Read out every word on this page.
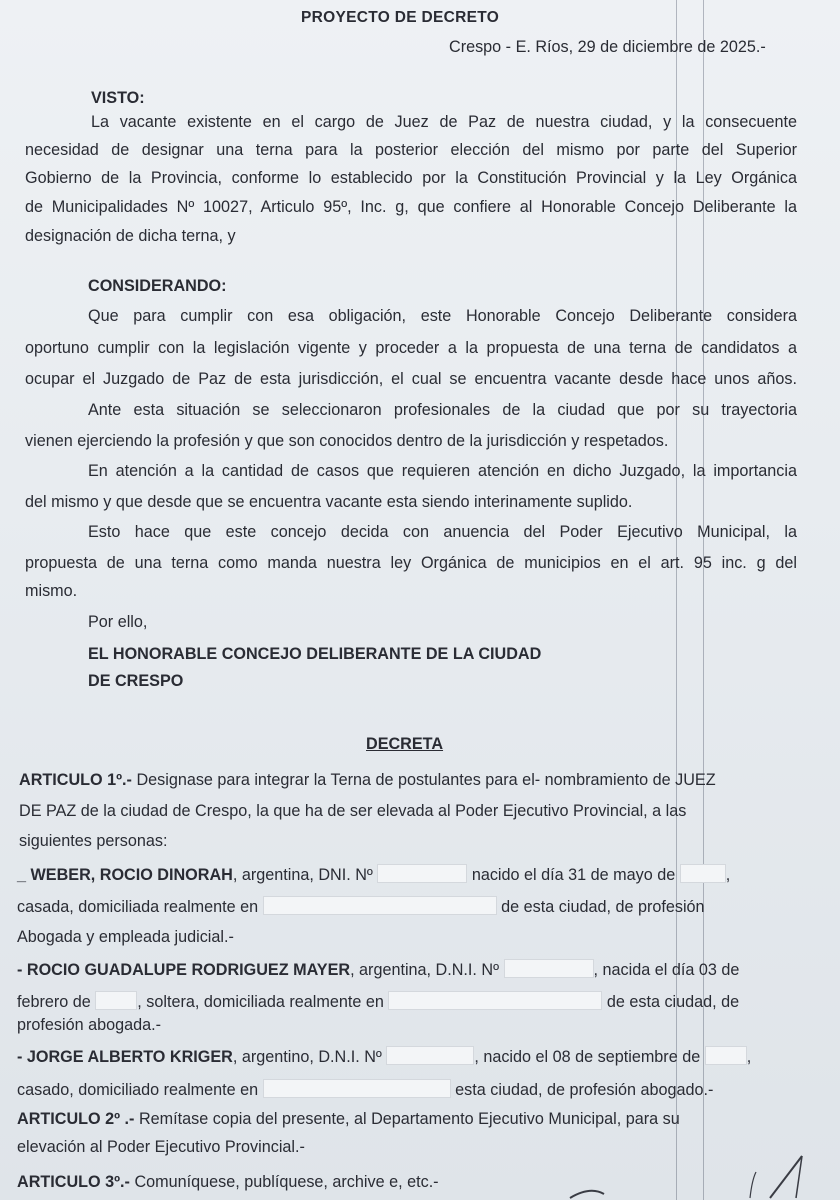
PROYECTO DE DECRETO
Crespo - E. Ríos, 29 de diciembre de 2025.-
VISTO:
La vacante existente en el cargo de Juez de Paz de nuestra ciudad, y la consecuente
necesidad de designar una terna para la posterior elección del mismo por parte del Superior
Gobierno de la Provincia, conforme lo establecido por la Constitución Provincial y la Ley Orgánica
de Municipalidades Nº 10027, Articulo 95º, Inc. g, que confiere al Honorable Concejo Deliberante la
designación de dicha terna, y
CONSIDERANDO:
Que para cumplir con esa obligación, este Honorable Concejo Deliberante considera
oportuno cumplir con la legislación vigente y proceder a la propuesta de una terna de candidatos a
ocupar el Juzgado de Paz de esta jurisdicción, el cual se encuentra vacante desde hace unos años.
Ante esta situación se seleccionaron profesionales de la ciudad que por su trayectoria
vienen ejerciendo la profesión y que son conocidos dentro de la jurisdicción y respetados.
En atención a la cantidad de casos que requieren atención en dicho Juzgado, la importancia
del mismo y que desde que se encuentra vacante esta siendo interinamente suplido.
Esto hace que este concejo decida con anuencia del Poder Ejecutivo Municipal, la
propuesta de una terna como manda nuestra ley Orgánica de municipios en el art. 95 inc. g del
mismo.
Por ello,
EL HONORABLE CONCEJO DELIBERANTE DE LA CIUDAD
DE CRESPO
DECRETA
ARTICULO 1º.- Designase para integrar la Terna de postulantes para el- nombramiento de JUEZ
DE PAZ de la ciudad de Crespo, la que ha de ser elevada al Poder Ejecutivo Provincial, a las
siguientes personas:
_ WEBER, ROCIO DINORAH, argentina, DNI. Nº	nacido el día 31 de mayo de	,
casada, domiciliada realmente en	de esta ciudad, de profesión
Abogada y empleada judicial.-
- ROCIO GUADALUPE RODRIGUEZ MAYER, argentina, D.N.I. Nº	, nacida el día 03 de
febrero de	, soltera, domiciliada realmente en	de esta ciudad, de
profesión abogada.-
- JORGE ALBERTO KRIGER, argentino, D.N.I. Nº	, nacido el 08 de septiembre de	,
casado, domiciliado realmente en	esta ciudad, de profesión abogado.-
ARTICULO 2º .- Remítase copia del presente, al Departamento Ejecutivo Municipal, para su
elevación al Poder Ejecutivo Provincial.-
ARTICULO 3º.- Comuníquese, publíquese, archive e, etc.-
